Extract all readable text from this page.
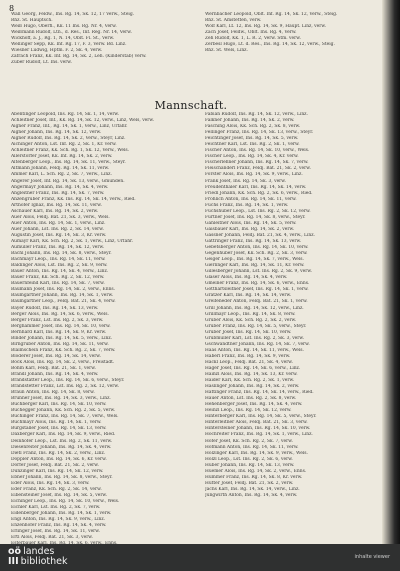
8
Wall Georg, Feldw., Ins. Rg. 14, Sk. 12, 17 Verw., Steig.
Rhz. St. Hauptsch.
Weiß Hugo, Oberfl., Kk. 11 Ins. Rg. Nr. 4, Verw.
Weißmann Rudolf, Ltn., d. Res., Inf. Reg. Nr. 14, Verw.
Wickhoff, a. J., Rg. 1, N. 14, Oblt. Fl. St., Verw.
Wellinger Sepp, Kk. Inf. Rg. 17, F. 3, Verw. Bd. Linz.
Wiesner Ludwig, Hptm. F. 2, Sk. 4, Verw.
Zafrach Franz, Kk. Inf. Rg. 14, Sk. 2, Leh. (Kinderstab) verw.
Zuber Rudolf, Lt. Ins. verw.
Wernbacher Leopold, Oblt. Inf. Rg. 14, Sk. 12, Verw., Steig.
Rhz. St. Amstetten, verw.
Wolf Karl, Lt. 12, Ins. Rg. 14, Sk. 9, Haupt. Linz, verw.
Zach Josef, Feldw., Oblt. Ins. Rg. 4, Verw.
Zeh Rudolf, Kk. 1, L. R. 2, Verw. Stm. verw.
Zerbesl Hugo, Lt. d. Res., Ins. Rg. 14, Sk. 12, verw., Steig.
Rhz. St. Wels, Linz.
Mannschaft.
Abentinger Leopold, Ins. Rg. 14, Sk. 1, 14, verw.
Achleitner Josef, Inf., Kk. Rg. 14, Sk. 12, verw., Linz, Wels, verw.
Aigner Franz, Inf., Rg. 14, Sk. 1, Verw., Linz, Urfahr.
Aigner Johann, Ins. Rg. 14, Sk. 12, verw.
Aigner Rudolf, Ins. Rg. 14, Sk. 2, Verw., Steyr, Linz.
Aichinger Anton, Lst. Inf. Rg. 2, Sk. 1, Kr. verw.
Achleitner Franz, Kk. Sch. Rg. 1, Sk. 12, Verw., Wels.
Allerstorfer Josef, Kk. Inf. Rg. 14, Sk. 2, verw.
Altenberger Leop., Ins. Rg. 14, Sk. 11, Verw., Steyr.
Altmann Johann, Feldj. Rg. 14, Sk. 11, verw.
Ammer Karl, L. Sch. Rg. 2, Sk. 7, Verw., Linz.
Angerer Josef, Inf. Rg. 14, Sk. 13, verw., Gmunden.
Angermayr Johann, Ins. Rg. 14, Sk. 4, verw.
Angleitner Franz, Ins. Rg. 14, Sk. 7, verw.
Anzengruber Franz, Kk. Ins. Rg. 14, Sk. 14, verw., Ried.
Arthofer Ignaz, Ins. Rg. 14, Sk. 11, verw.
Aschauer Karl, Ins. Rg. 14, Sk. 2, verw.
Auer Alois, Feldj. Bat. 21, Sk. 3, verw., Wels.
Auer Anton, Ins. Rg. 14, Sk. 1, verw., Linz.
Auer Johann, Lst. Ins. Rg. 2, Sk. 14, verw.
Augustin Josef, Ins. Rg. 14, Sk. 3, Kr. verw.
Aumayr Karl, Kk. Sch. Rg. 2, Sk. 1, verw., Linz, Urfahr.
Aumüller Franz, Ins. Rg. 14, Sk. 12, verw.
Bachl Johann, Ins. Rg. 14, Sk. 8, verw., Steyr.
Bachmayr Leop., Ins. Rg. 14, Sk. 11, verw.
Baldinger Alois, Lst. Ins. Rg. 2, Sk. 9, verw.
Bauer Anton, Ins. Rg. 14, Sk. 4, verw., Linz.
Bauer Franz, Kk. Sch. Rg. 2, Sk. 12, verw.
Bauernfeind Karl, Ins. Rg. 14, Sk. 7, verw.
Baumann Josef, Ins. Rg. 14, Sk. 2, verw., Enns.
Baumgartner Johann, Ins. Rg. 14, Sk. 1, verw.
Baumgartner Leop., Feldj. Bat. 21, Sk. 4, verw.
Bayer Rudolf, Ins. Rg. 14, Sk. 13, verw.
Berger Alois, Ins. Rg. 14, Sk. 6, verw., Wels.
Berger Franz, Lst. Ins. Rg. 2, Sk. 3, verw.
Berghammer Josef, Ins. Rg. 14, Sk. 10, verw.
Bernhard Karl, Ins. Rg. 14, Sk. 9, Kr. verw.
Binder Johann, Ins. Rg. 14, Sk. 5, verw., Linz.
Birngruber Anton, Ins. Rg. 14, Sk. 11, verw.
Blaimschein Franz, Kk. Sch. Rg. 2, Sk. 7, verw.
Bloderer Josef, Ins. Rg. 14, Sk. 14, verw.
Böck Alois, Ins. Rg. 14, Sk. 2, verw., Freistadt.
Böhm Karl, Feldj. Bat. 21, Sk. 1, verw.
Brandl Johann, Ins. Rg. 14, Sk. 4, verw.
Brandstätter Leop., Ins. Rg. 14, Sk. 6, verw., Steyr.
Brandstetter Franz, Lst. Ins. Rg. 2, Sk. 12, verw.
Braun Anton, Ins. Rg. 14, Sk. 8, verw.
Brunner Josef, Ins. Rg. 14, Sk. 3, verw., Linz.
Buchberger Karl, Ins. Rg. 14, Sk. 10, verw.
Buchegger Johann, Kk. Sch. Rg. 2, Sk. 5, verw.
Buchinger Franz, Ins. Rg. 14, Sk. 7, verw., Wels.
Buchmayr Alois, Ins. Rg. 14, Sk. 1, verw.
Burgstaller Josef, Ins. Rg. 14, Sk. 13, verw.
Daxberger Karl, Ins. Rg. 14, Sk. 9, verw., Ried.
Deinhofer Leop., Lst. Ins. Rg. 2, Sk. 11, verw.
Diesenreiter Johann, Ins. Rg. 14, Sk. 4, verw.
Dietl Franz, Ins. Rg. 14, Sk. 2, verw., Linz.
Doppler Anton, Ins. Rg. 14, Sk. 6, Kr. verw.
Dorfer Josef, Feldj. Bat. 21, Sk. 2, verw.
Dunzinger Karl, Ins. Rg. 14, Sk. 12, verw.
Ebner Johann, Ins. Rg. 14, Sk. 8, verw., Steyr.
Eder Alois, Ins. Rg. 14, Sk. 3, verw.
Eder Franz, Kk. Sch. Rg. 2, Sk. 14, verw.
Eibensteiner Josef, Ins. Rg. 14, Sk. 5, verw.
Eichinger Leop., Ins. Rg. 14, Sk. 10, verw., Wels.
Eichler Karl, Lst. Ins. Rg. 2, Sk. 7, verw.
Eidenberger Johann, Ins. Rg. 14, Sk. 1, verw.
Engl Anton, Ins. Rg. 14, Sk. 9, verw., Linz.
Enzenhofer Franz, Ins. Rg. 14, Sk. 4, verw.
Erlinger Josef, Ins. Rg. 14, Sk. 11, verw.
Ertl Alois, Feldj. Bat. 21, Sk. 3, verw.
Fabian Rudolf, Ins. Rg. 14, Sk. 12, verw., Linz.
Falkner Johann, Ins. Rg. 14, Sk. 2, verw.
Fasching Alois, Kk. Sch. Rg. 2, Sk. 8, verw.
Fellinger Franz, Ins. Rg. 14, Sk. 13, verw., Steyr.
Feichtinger Josef, Ins. Rg. 14, Sk. 5, verw.
Feichtner Karl, Lst. Ins. Rg. 2, Sk. 1, verw.
Fischer Anton, Ins. Rg. 14, Sk. 10, verw., Wels.
Fischer Leop., Ins. Rg. 14, Sk. 4, Kr. verw.
Fischerlehner Johann, Ins. Rg. 14, Sk. 7, verw.
Fleischanderl Franz, Feldj. Bat. 21, Sk. 2, verw.
Forster Alois, Ins. Rg. 14, Sk. 9, verw., Linz.
Frank Josef, Ins. Rg. 14, Sk. 3, verw.
Freudenthaler Karl, Ins. Rg. 14, Sk. 14, verw.
Friedl Johann, Kk. Sch. Rg. 2, Sk. 6, verw., Ried.
Fröhlich Anton, Ins. Rg. 14, Sk. 11, verw.
Fuchs Franz, Ins. Rg. 14, Sk. 1, verw.
Fuchshuber Leop., Lst. Ins. Rg. 2, Sk. 12, verw.
Furtner Josef, Ins. Rg. 14, Sk. 8, verw., Steyr.
Gahleitner Alois, Ins. Rg. 14, Sk. 5, verw.
Gaisbauer Karl, Ins. Rg. 14, Sk. 2, verw.
Gassner Johann, Feldj. Bat. 21, Sk. 4, verw., Linz.
Gattringer Franz, Ins. Rg. 14, Sk. 13, verw.
Gebetsberger Anton, Ins. Rg. 14, Sk. 10, verw.
Gegenhuber Josef, Kk. Sch. Rg. 2, Sk. 3, verw.
Geiger Leop., Ins. Rg. 14, Sk. 7, verw., Wels.
Gierlinger Karl, Ins. Rg. 14, Sk. 11, Kr. verw.
Gillesberger Johann, Lst. Ins. Rg. 2, Sk. 9, verw.
Glaser Alois, Ins. Rg. 14, Sk. 4, verw.
Gmeiner Franz, Ins. Rg. 14, Sk. 6, verw., Enns.
Gotthartsleitner Josef, Ins. Rg. 14, Sk. 1, verw.
Gratzer Karl, Ins. Rg. 14, Sk. 14, verw.
Greifeneder Anton, Feldj. Bat. 21, Sk. 1, verw.
Grill Johann, Ins. Rg. 14, Sk. 12, verw., Linz.
Grillmayr Leop., Ins. Rg. 14, Sk. 8, verw.
Gruber Alois, Kk. Sch. Rg. 2, Sk. 2, verw.
Gruber Franz, Ins. Rg. 14, Sk. 5, verw., Steyr.
Gruber Josef, Ins. Rg. 14, Sk. 10, verw.
Grubmüller Karl, Lst. Ins. Rg. 2, Sk. 3, verw.
Gschwandtner Johann, Ins. Rg. 14, Sk. 7, verw.
Haas Anton, Ins. Rg. 14, Sk. 11, verw., Wels.
Haberl Franz, Ins. Rg. 14, Sk. 9, verw.
Hackl Leop., Feldj. Bat. 21, Sk. 4, verw.
Hager Josef, Ins. Rg. 14, Sk. 6, verw., Linz.
Hainzl Alois, Ins. Rg. 14, Sk. 13, Kr. verw.
Haider Karl, Kk. Sch. Rg. 2, Sk. 1, verw.
Haslinger Johann, Ins. Rg. 14, Sk. 2, verw.
Hattinger Franz, Ins. Rg. 14, Sk. 14, verw., Ried.
Hauer Anton, Lst. Ins. Rg. 2, Sk. 8, verw.
Hehenberger Josef, Ins. Rg. 14, Sk. 4, verw.
Heinzl Leop., Ins. Rg. 14, Sk. 12, verw.
Hinterberger Karl, Ins. Rg. 14, Sk. 5, verw., Steyr.
Hinterleitner Alois, Feldj. Bat. 21, Sk. 3, verw.
Hintersteiner Johann, Ins. Rg. 14, Sk. 10, verw.
Hochreiter Franz, Ins. Rg. 14, Sk. 1, verw., Linz.
Hofer Josef, Kk. Sch. Rg. 2, Sk. 7, verw.
Hofmann Anton, Ins. Rg. 14, Sk. 11, verw.
Holzinger Karl, Ins. Rg. 14, Sk. 9, verw., Wels.
Hölzl Leop., Lst. Ins. Rg. 2, Sk. 6, verw.
Huber Johann, Ins. Rg. 14, Sk. 13, verw.
Huemer Alois, Ins. Rg. 14, Sk. 2, verw., Enns.
Hummer Franz, Ins. Rg. 14, Sk. 8, Kr. verw.
Hütter Josef, Feldj. Bat. 21, Sk. 2, verw.
Jachs Karl, Ins. Rg. 14, Sk. 14, verw., Linz.
Jungwirth Anton, Ins. Rg. 14, Sk. 4, verw.
oö landes
III bibliothek	inhalte viewer
